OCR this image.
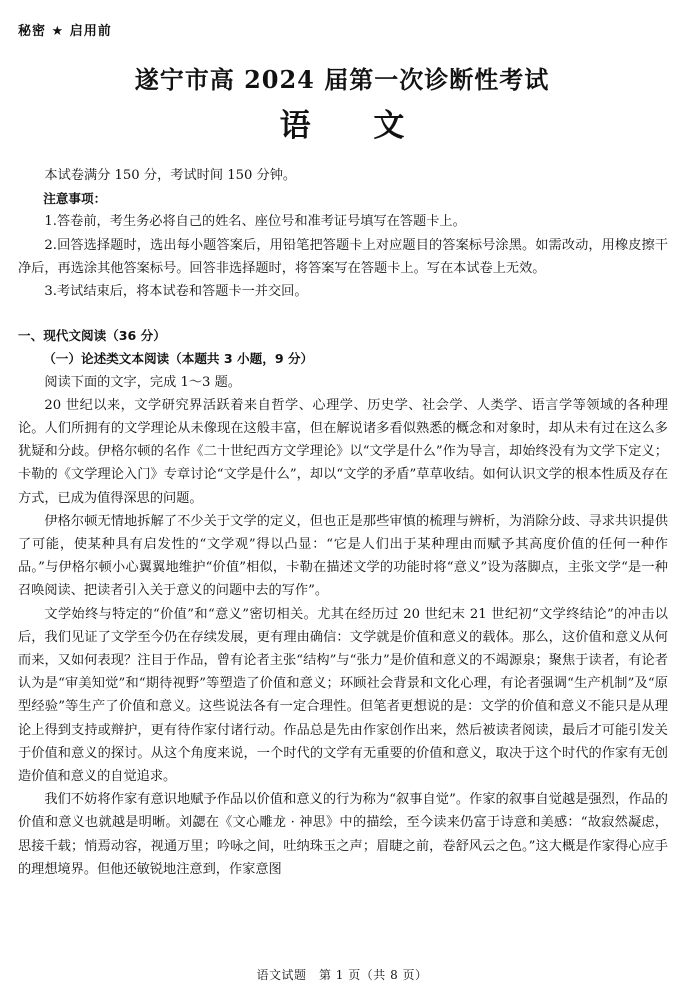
秘密 ★ 启用前
遂宁市高 2024 届第一次诊断性考试
语 文

本试卷满分 150 分，考试时间 150 分钟。

注意事项：

1.答卷前，考生务必将自己的姓名、座位号和准考证号填写在答题卡上。

2.回答选择题时，选出每小题答案后，用铅笔把答题卡上对应题目的答案标号涂黑。如需改动，用橡皮擦干净后，再选涂其他答案标号。回答非选择题时，将答案写在答题卡上。写在本试卷上无效。

3.考试结束后，将本试卷和答题卡一并交回。

一、现代文阅读（36 分）

（一）论述类文本阅读（本题共 3 小题，9 分）

阅读下面的文字，完成 1～3 题。

20 世纪以来，文学研究界活跃着来自哲学、心理学、历史学、社会学、人类学、语言学等领域的各种理论。人们所拥有的文学理论从未像现在这般丰富，但在解说诸多看似熟悉的概念和对象时，却从未有过在这么多犹疑和分歧。伊格尔顿的名作《二十世纪西方文学理论》以“文学是什么”作为导言，却始终没有为文学下定义；卡勒的《文学理论入门》专章讨论“文学是什么”，却以“文学的矛盾”草草收结。如何认识文学的根本性质及存在方式，已成为值得深思的问题。

伊格尔顿无情地拆解了不少关于文学的定义，但也正是那些审慎的梳理与辨析，为消除分歧、寻求共识提供了可能，使某种具有启发性的“文学观”得以凸显：“它是人们出于某种理由而赋予其高度价值的任何一种作品。”与伊格尔顿小心翼翼地维护“价值”相似，卡勒在描述文学的功能时将“意义”设为落脚点，主张文学“是一种召唤阅读、把读者引入关于意义的问题中去的写作”。

文学始终与特定的“价值”和“意义”密切相关。尤其在经历过 20 世纪末 21 世纪初“文学终结论”的冲击以后，我们见证了文学至今仍在存续发展，更有理由确信：文学就是价值和意义的载体。那么，这价值和意义从何而来，又如何表现？注目于作品，曾有论者主张“结构”与“张力”是价值和意义的不竭源泉；聚焦于读者，有论者认为是“审美知觉”和“期待视野”等塑造了价值和意义；环顾社会背景和文化心理，有论者强调“生产机制”及“原型经验”等生产了价值和意义。这些说法各有一定合理性。但笔者更想说的是：文学的价值和意义不能只是从理论上得到支持或辩护，更有待作家付诸行动。作品总是先由作家创作出来，然后被读者阅读，最后才可能引发关于价值和意义的探讨。从这个角度来说，一个时代的文学有无重要的价值和意义，取决于这个时代的作家有无创造价值和意义的自觉追求。

我们不妨将作家有意识地赋予作品以价值和意义的行为称为“叙事自觉”。作家的叙事自觉越是强烈，作品的价值和意义也就越是明晰。刘勰在《文心雕龙 · 神思》中的描绘，至今读来仍富于诗意和美感：“故寂然凝虑，思接千载；悄焉动容，视通万里；吟咏之间，吐纳珠玉之声；眉睫之前，卷舒风云之色。”这大概是作家得心应手的理想境界。但他还敏锐地注意到，作家意图

语文试题　第 1 页（共 8 页）
